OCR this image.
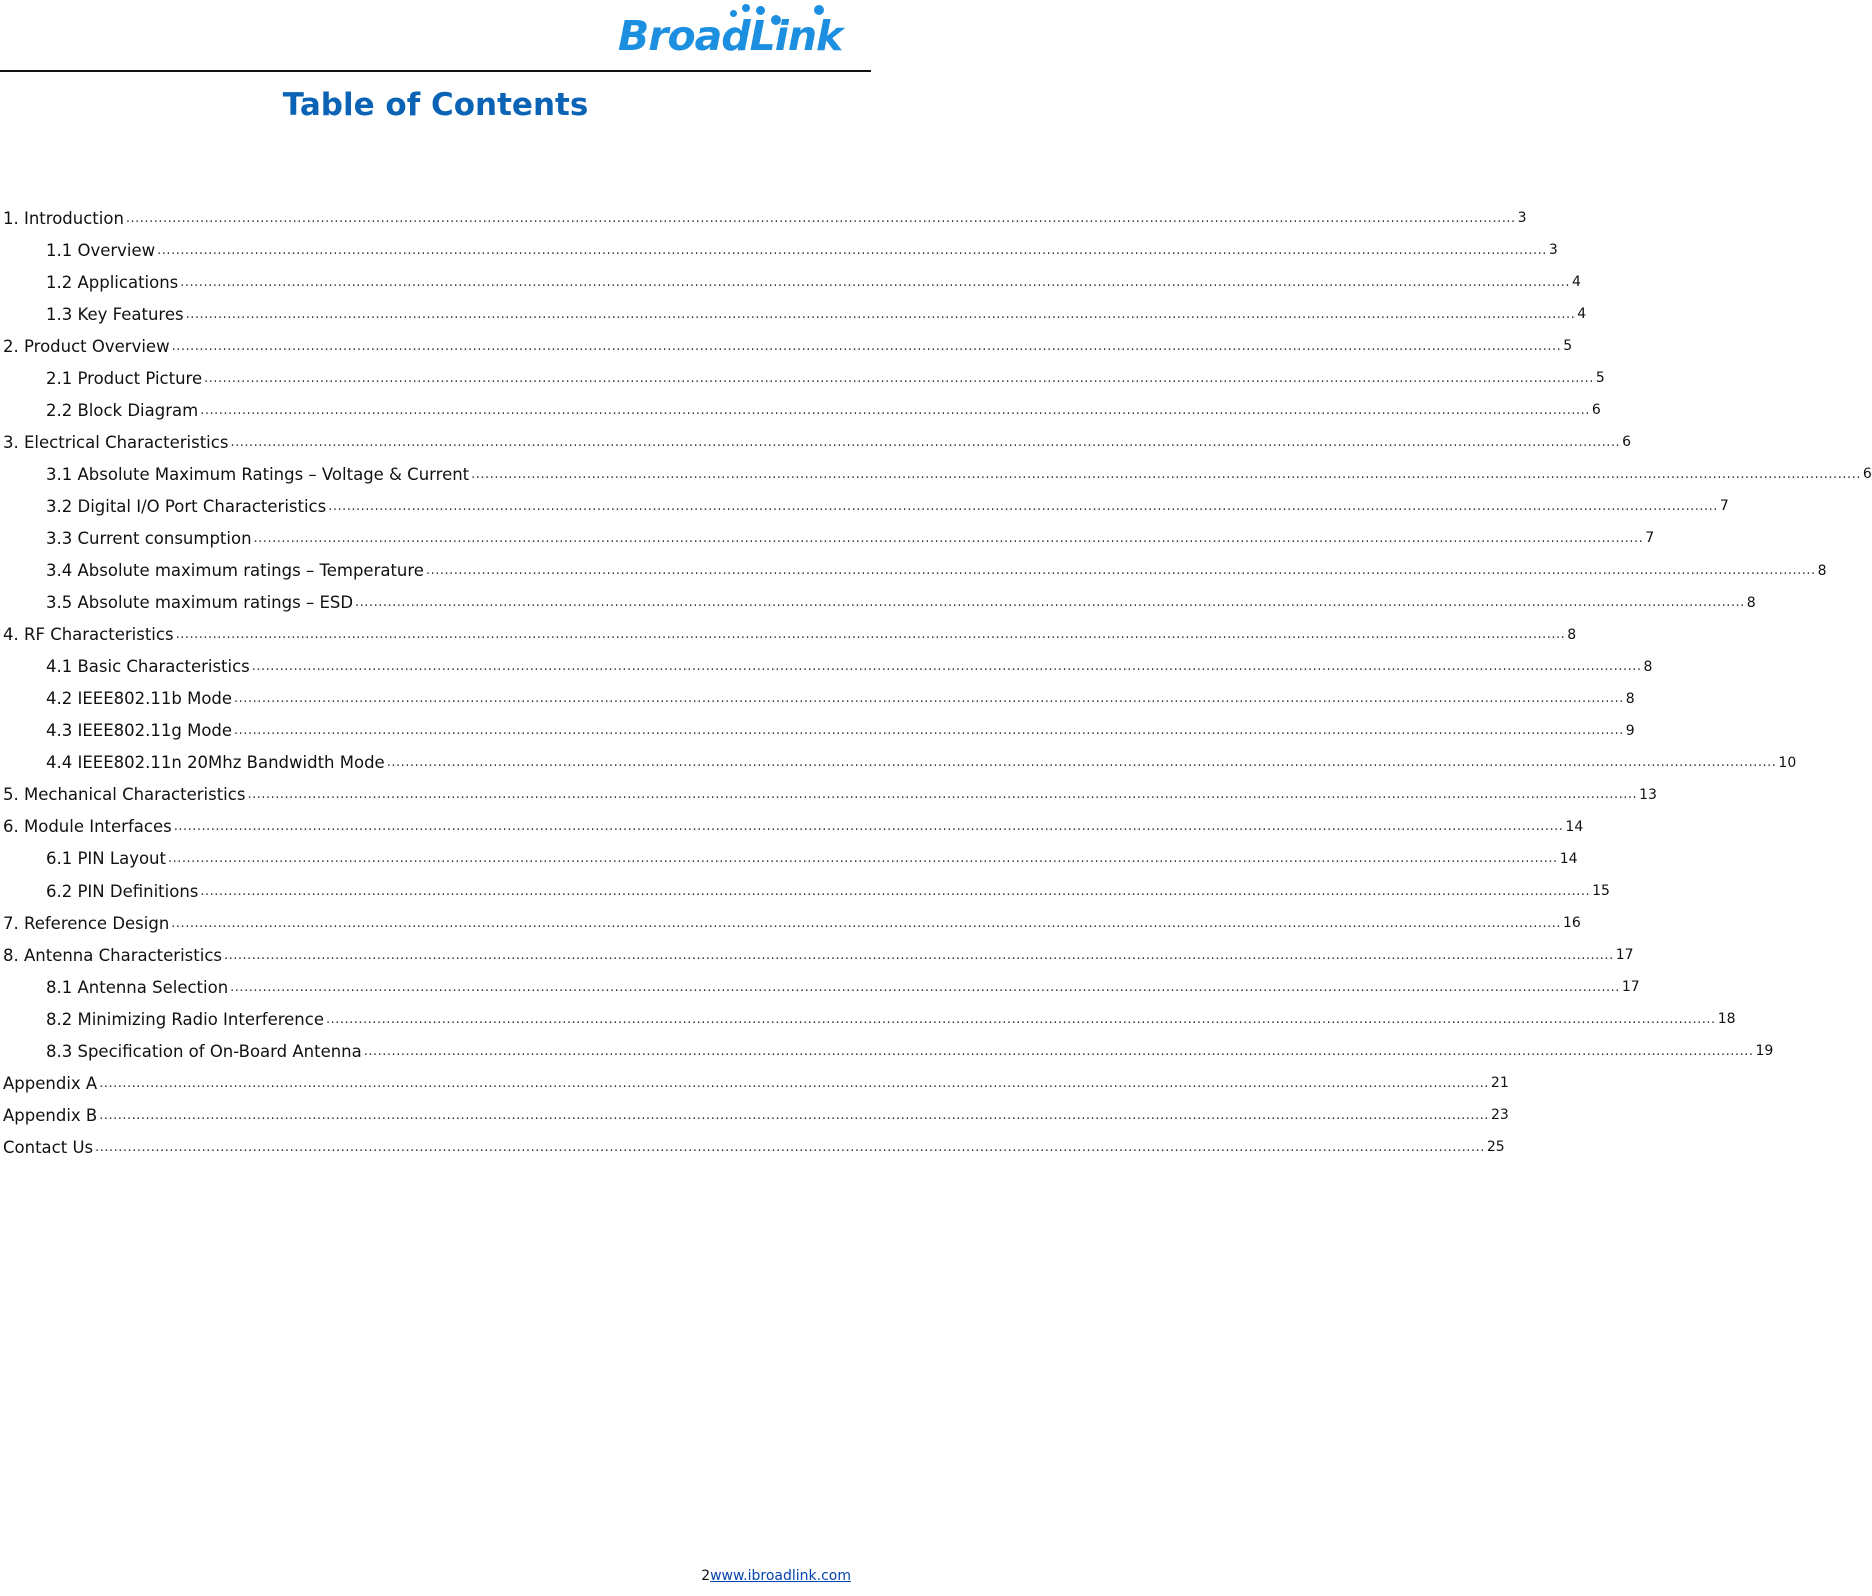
BroadLink
Table of Contents
1. Introduction ............................................................................................................................................................................................................................................................................................................ 3
1.1 Overview ............................................................................................................................................................................................................................................................................................................ 3
1.2 Applications ............................................................................................................................................................................................................................................................................................................ 4
1.3 Key Features ............................................................................................................................................................................................................................................................................................................ 4
2. Product Overview ............................................................................................................................................................................................................................................................................................................ 5
2.1 Product Picture ............................................................................................................................................................................................................................................................................................................ 5
2.2 Block Diagram ............................................................................................................................................................................................................................................................................................................ 6
3. Electrical Characteristics ............................................................................................................................................................................................................................................................................................................ 6
3.1 Absolute Maximum Ratings – Voltage & Current ............................................................................................................................................................................................................................................................................................................ 6
3.2 Digital I/O Port Characteristics ............................................................................................................................................................................................................................................................................................................ 7
3.3 Current consumption ............................................................................................................................................................................................................................................................................................................ 7
3.4 Absolute maximum ratings – Temperature ............................................................................................................................................................................................................................................................................................................ 8
3.5 Absolute maximum ratings – ESD ............................................................................................................................................................................................................................................................................................................ 8
4. RF Characteristics ............................................................................................................................................................................................................................................................................................................ 8
4.1 Basic Characteristics ............................................................................................................................................................................................................................................................................................................ 8
4.2 IEEE802.11b Mode ............................................................................................................................................................................................................................................................................................................ 8
4.3 IEEE802.11g Mode ............................................................................................................................................................................................................................................................................................................ 9
4.4 IEEE802.11n 20Mhz Bandwidth Mode ............................................................................................................................................................................................................................................................................................................ 10
5. Mechanical Characteristics ............................................................................................................................................................................................................................................................................................................ 13
6. Module Interfaces ............................................................................................................................................................................................................................................................................................................ 14
6.1 PIN Layout ............................................................................................................................................................................................................................................................................................................ 14
6.2 PIN Definitions ............................................................................................................................................................................................................................................................................................................ 15
7. Reference Design ............................................................................................................................................................................................................................................................................................................ 16
8. Antenna Characteristics ............................................................................................................................................................................................................................................................................................................ 17
8.1 Antenna Selection ............................................................................................................................................................................................................................................................................................................ 17
8.2 Minimizing Radio Interference ............................................................................................................................................................................................................................................................................................................ 18
8.3 Specification of On-Board Antenna ............................................................................................................................................................................................................................................................................................................ 19
Appendix A ............................................................................................................................................................................................................................................................................................................ 21
Appendix B ............................................................................................................................................................................................................................................................................................................ 23
Contact Us ............................................................................................................................................................................................................................................................................................................ 25
2www.ibroadlink.com
